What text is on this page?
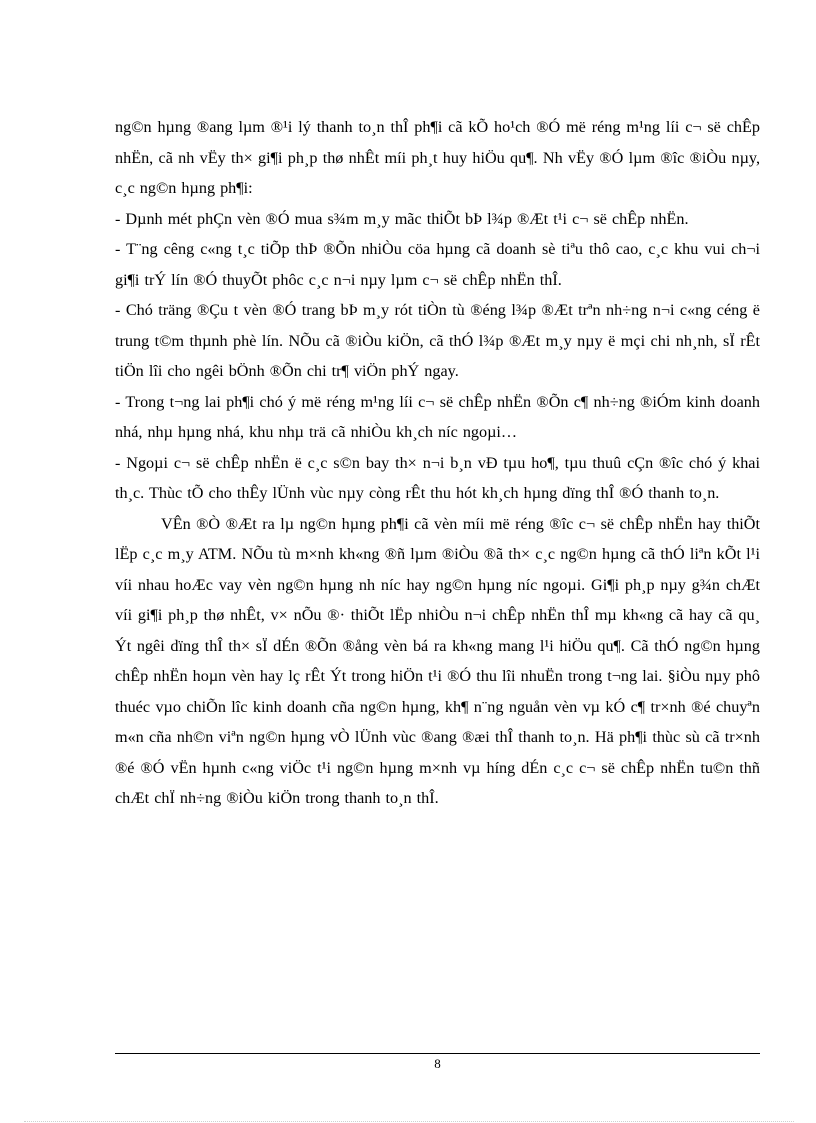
ng©n hµng ®ang lµm ®¹i lý thanh to¸n thÎ ph¶i cã kÕ ho¹ch ®Ó më réng m¹ng líi c¬ së chÊp nhËn, cã nh vËy th× gi¶i ph¸p thø nhÊt míi ph¸t huy hiÖu qu¶. Nh vËy ®Ó lµm ®îc ®iÒu nµy, c¸c ng©n hµng ph¶i:

- Dµnh mét phÇn vèn ®Ó mua s¾m m¸y mãc thiÕt bÞ l¾p ®Æt t¹i c¬ së chÊp nhËn.

- T¨ng cêng c«ng t¸c tiÕp thÞ ®Õn nhiÒu cöa hµng cã doanh sè tiªu thô cao, c¸c khu vui ch¬i gi¶i trÝ lín ®Ó thuyÕt phôc c¸c n¬i nµy lµm c¬ së chÊp nhËn thÎ.

- Chó träng ®Çu t vèn ®Ó trang bÞ m¸y rót tiÒn tù ®éng l¾p ®Æt trªn nh÷ng n¬i c«ng céng ë trung t©m thµnh phè lín. NÕu cã ®iÒu kiÖn, cã thÓ l¾p ®Æt m¸y nµy ë mçi chi nh¸nh, sÏ rÊt tiÖn lîi cho ngêi bÖnh ®Õn chi tr¶ viÖn phÝ ngay.

- Trong t¬ng lai ph¶i chó ý më réng m¹ng líi c¬ së chÊp nhËn ®Õn c¶ nh÷ng ®iÓm kinh doanh nhá, nhµ hµng nhá, khu nhµ trä cã nhiÒu kh¸ch níc ngoµi…

- Ngoµi c¬ së chÊp nhËn ë c¸c s©n bay th× n¬i b¸n vÐ tµu ho¶, tµu thuû cÇn ®îc chó ý khai th¸c. Thùc tÕ cho thÊy lÜnh vùc nµy còng rÊt thu hót kh¸ch hµng dïng thÎ ®Ó thanh to¸n.

VÊn ®Ò ®Æt ra lµ ng©n hµng ph¶i cã vèn míi më réng ®îc c¬ së chÊp nhËn hay thiÕt lËp c¸c m¸y ATM. NÕu tù m×nh kh«ng ®ñ lµm ®iÒu ®ã th× c¸c ng©n hµng cã thÓ liªn kÕt l¹i víi nhau hoÆc vay vèn ng©n hµng nh níc hay ng©n hµng níc ngoµi. Gi¶i ph¸p nµy g¾n chÆt víi gi¶i ph¸p thø nhÊt, v× nÕu ®· thiÕt lËp nhiÒu n¬i chÊp nhËn thÎ mµ kh«ng cã hay cã qu¸ Ýt ngêi dïng thÎ th× sÏ dÉn ®Õn ®ång vèn bá ra kh«ng mang l¹i hiÖu qu¶. Cã thÓ ng©n hµng chÊp nhËn hoµn vèn hay lç rÊt Ýt trong hiÖn t¹i ®Ó thu lîi nhuËn trong t¬ng lai. §iÒu nµy phô thuéc vµo chiÕn lîc kinh doanh cña ng©n hµng, kh¶ n¨ng nguån vèn vµ kÓ c¶ tr×nh ®é chuyªn m«n cña nh©n viªn ng©n hµng vÒ lÜnh vùc ®ang ®æi thÎ thanh to¸n. Hä ph¶i thùc sù cã tr×nh ®é ®Ó vËn hµnh c«ng viÖc t¹i ng©n hµng m×nh vµ híng dÉn c¸c c¬ së chÊp nhËn tu©n thñ chÆt chÏ nh÷ng ®iÒu kiÖn trong thanh to¸n thÎ.

8
